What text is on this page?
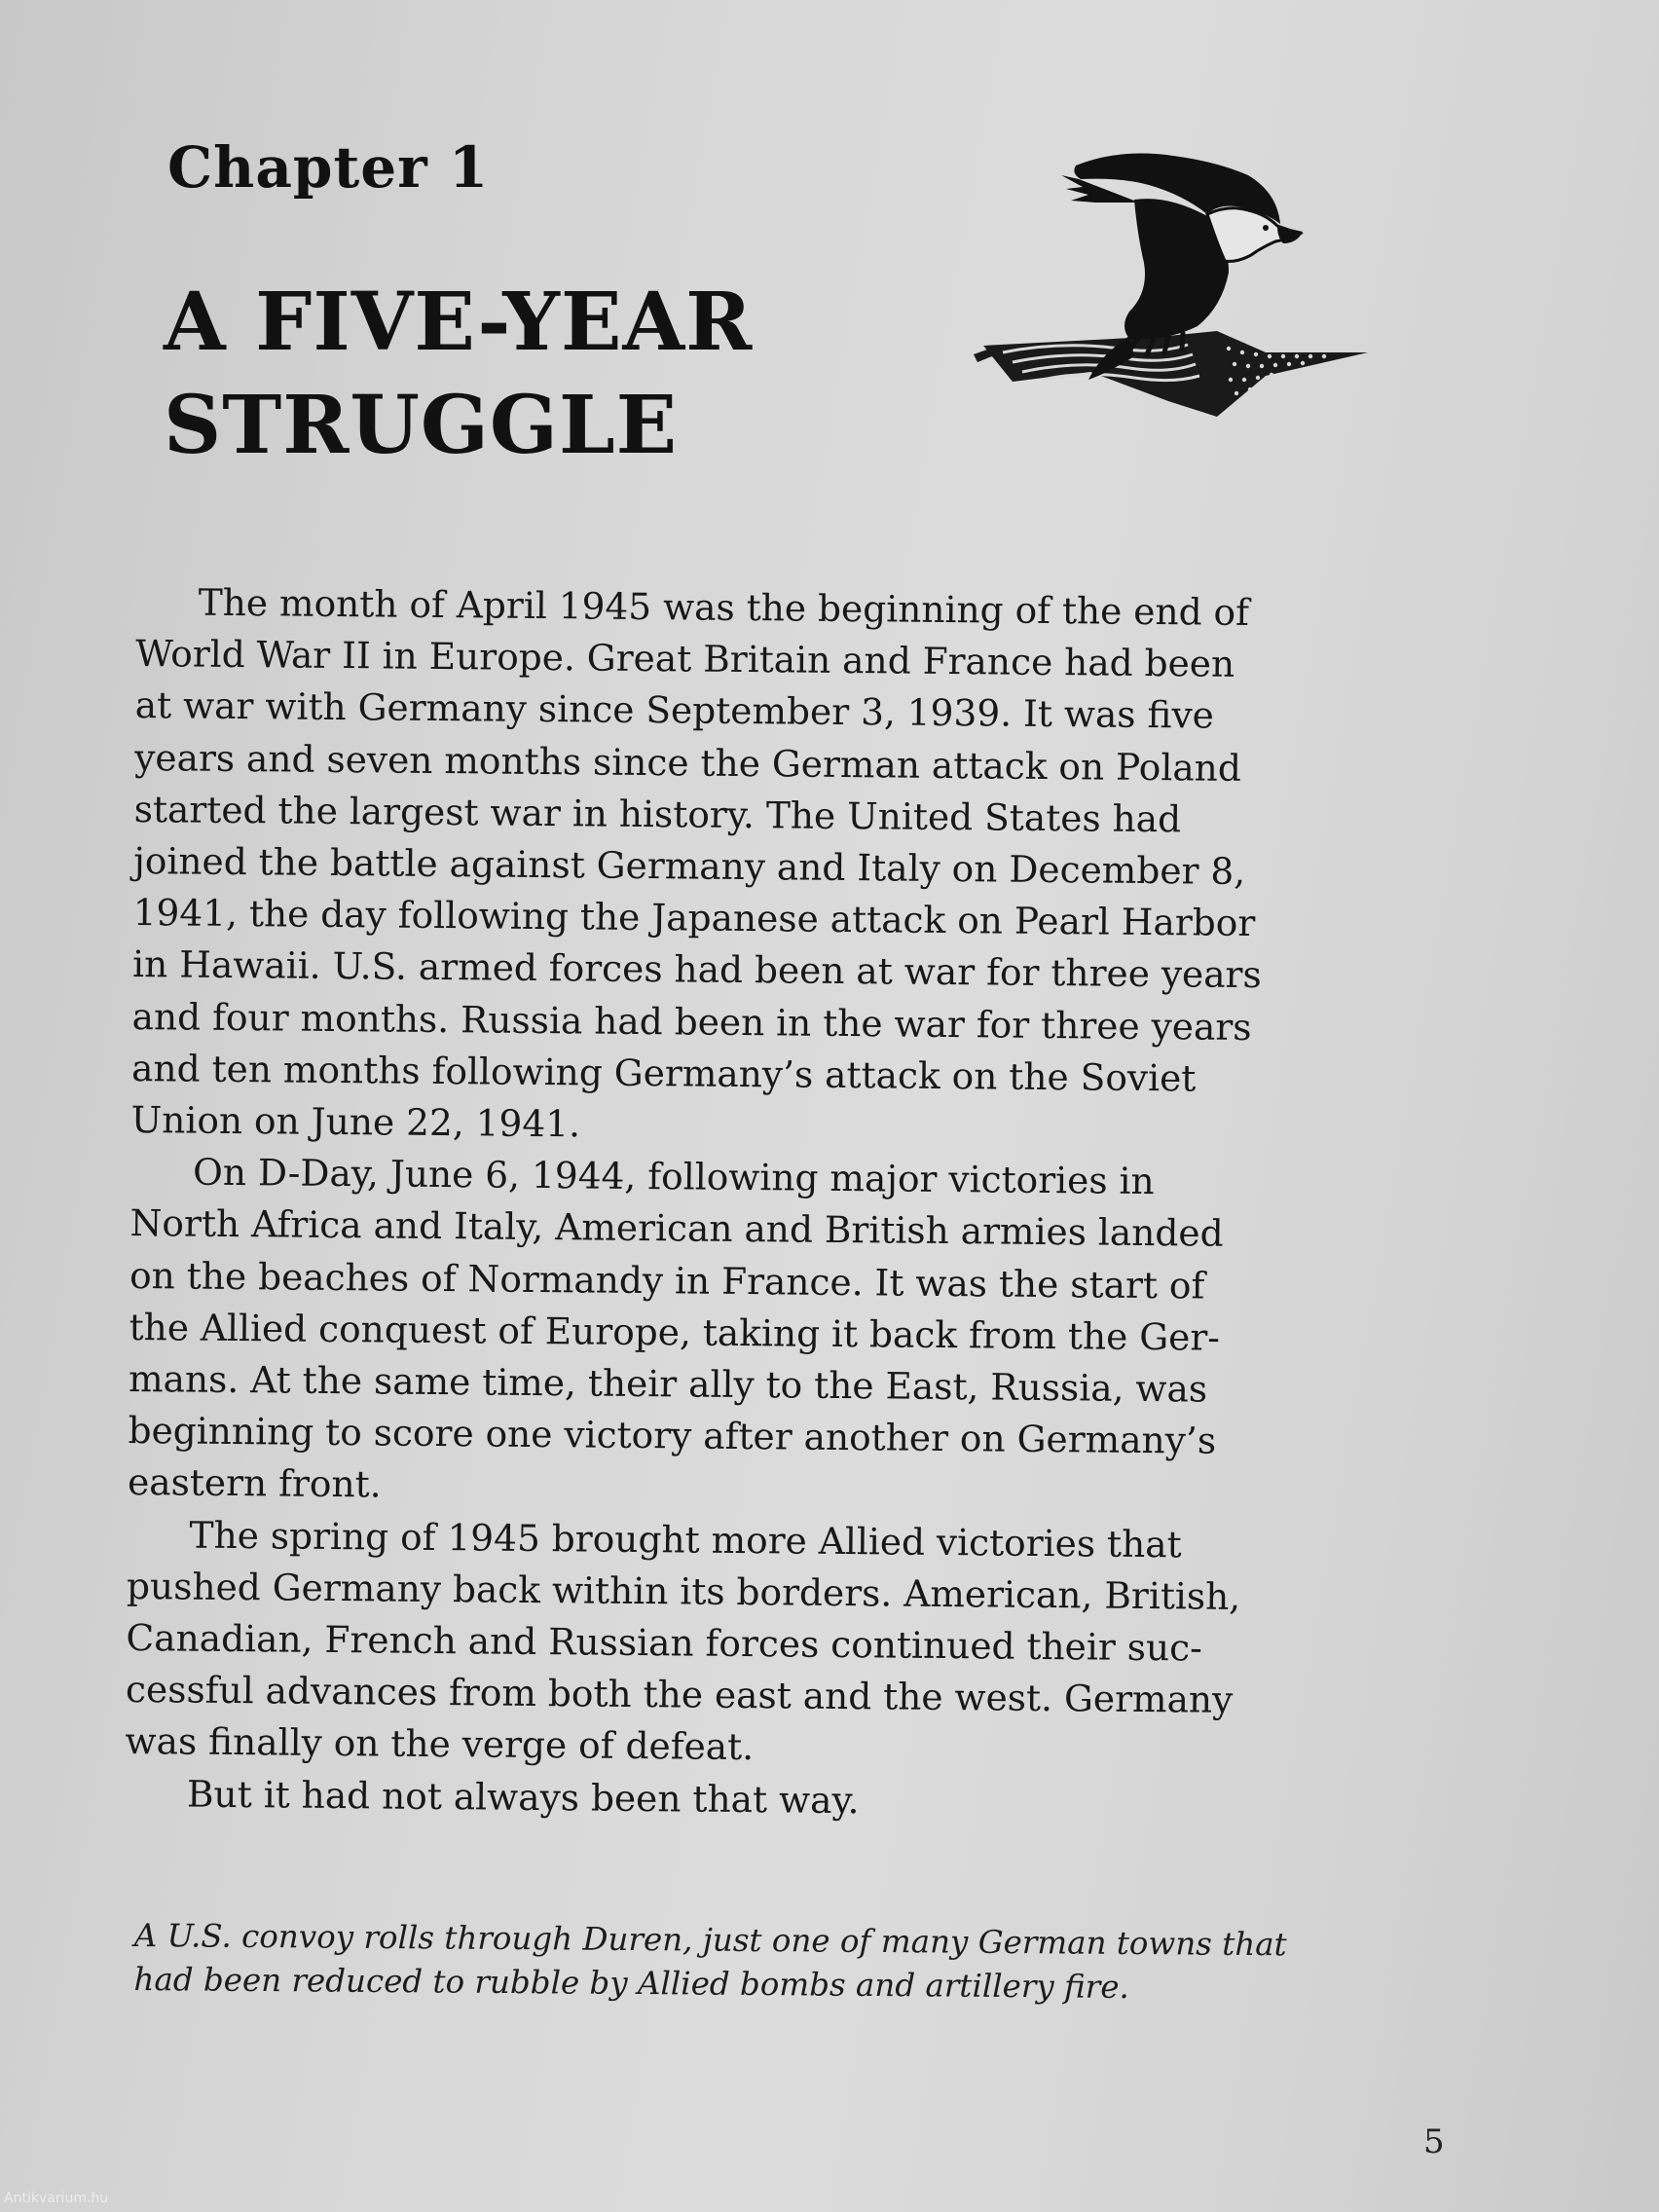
Chapter 1
A FIVE-YEAR
STRUGGLE
The month of April 1945 was the beginning of the end of
World War II in Europe. Great Britain and France had been
at war with Germany since September 3, 1939. It was five
years and seven months since the German attack on Poland
started the largest war in history. The United States had
joined the battle against Germany and Italy on December 8,
1941, the day following the Japanese attack on Pearl Harbor
in Hawaii. U.S. armed forces had been at war for three years
and four months. Russia had been in the war for three years
and ten months following Germany’s attack on the Soviet
Union on June 22, 1941.
On D-Day, June 6, 1944, following major victories in
North Africa and Italy, American and British armies landed
on the beaches of Normandy in France. It was the start of
the Allied conquest of Europe, taking it back from the Ger-
mans. At the same time, their ally to the East, Russia, was
beginning to score one victory after another on Germany’s
eastern front.
The spring of 1945 brought more Allied victories that
pushed Germany back within its borders. American, British,
Canadian, French and Russian forces continued their suc-
cessful advances from both the east and the west. Germany
was finally on the verge of defeat.
But it had not always been that way.
A U.S. convoy rolls through Duren, just one of many German towns that
had been reduced to rubble by Allied bombs and artillery fire.
5
Antikvarium.hu
